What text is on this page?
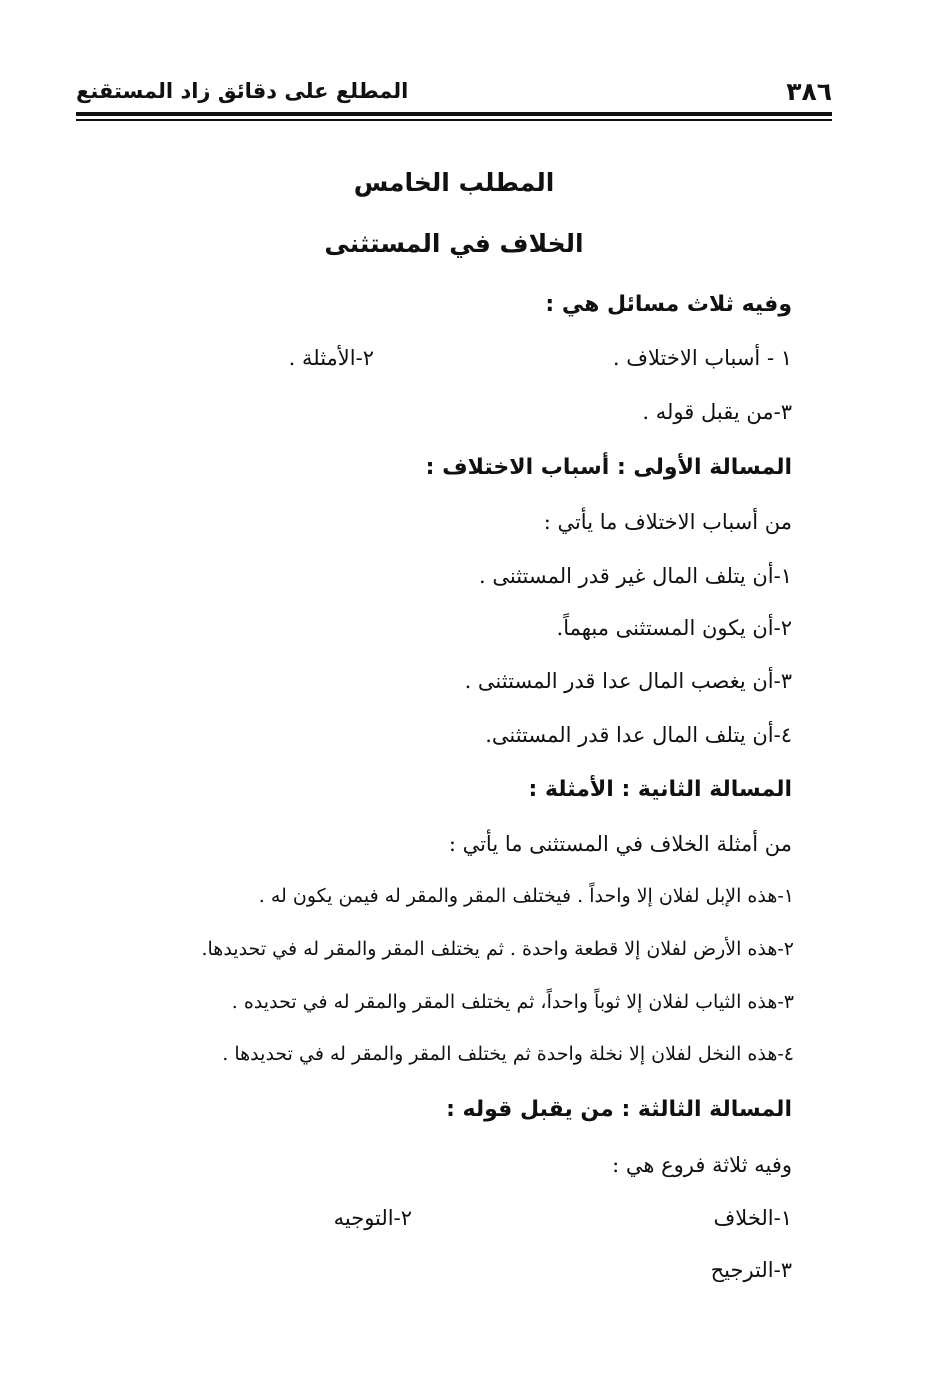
٣٨٦
المطلع على دقائق زاد المستقنع
المطلب الخامس
الخلاف في المستثنى
وفيه ثلاث مسائل هي :
١ - أسباب الاختلاف .
٢-الأمثلة .
٣-من يقبل قوله .
المسالة الأولى : أسباب الاختلاف :
من أسباب الاختلاف ما يأتي :
١-أن يتلف المال غير قدر المستثنى .
٢-أن يكون المستثنى مبهماً.
٣-أن يغصب المال عدا قدر المستثنى .
٤-أن يتلف المال عدا قدر المستثنى.
المسالة الثانية : الأمثلة :
من أمثلة الخلاف في المستثنى ما يأتي :
١-هذه الإبل لفلان إلا واحداً . فيختلف المقر والمقر له فيمن يكون له .
٢-هذه الأرض لفلان إلا قطعة واحدة . ثم يختلف المقر والمقر له في تحديدها.
٣-هذه الثياب لفلان إلا ثوباً واحداً، ثم يختلف المقر والمقر له في تحديده .
٤-هذه النخل لفلان إلا نخلة واحدة ثم يختلف المقر والمقر له في تحديدها .
المسالة الثالثة : من يقبل قوله :
وفيه ثلاثة فروع هي :
١-الخلاف
٢-التوجيه
٣-الترجيح
